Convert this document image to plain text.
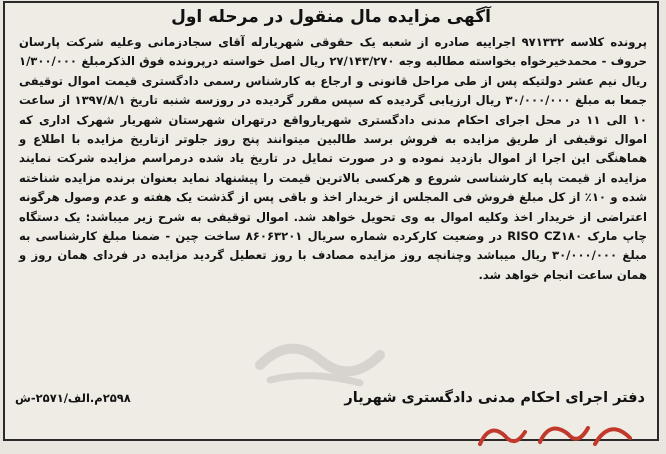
آگهی مزایده مال منقول در مرحله اول
پرونده کلاسه ۹۷۱۳۳۲ اجراییه صادره از شعبه یک حقوقی شهریارله آقای سجادزمانی وعلیه شرکت پارسان حروف - محمدخیرخواه بخواسته مطالبه وجه ۲۷/۱۴۳/۲۷۰ ریال اصل خواسته درپرونده فوق الذکرمبلغ ۱/۳۰۰/۰۰۰ ریال نیم عشر دولتیکه پس از طی مراحل قانونی و ارجاع به کارشناس رسمی دادگستری قیمت اموال توقیفی جمعا به مبلغ ۳۰/۰۰۰/۰۰۰ ریال ارزیابی گردیده که سپس مقرر گردیده در روزسه شنبه تاریخ ۱۳۹۷/۸/۱ از ساعت ۱۰ الی ۱۱ در محل اجرای احکام مدنی دادگستری شهریارواقع درتهران شهرستان شهریار شهرک اداری که اموال توقیفی از طریق مزایده به فروش برسد طالبین میتوانند پنج روز جلوتر ازتاریخ مزایده با اطلاع و هماهنگی این اجرا از اموال بازدید نموده و در صورت تمایل در تاریخ یاد شده درمراسم مزایده شرکت نمایند مزایده از قیمت پایه کارشناسی شروع و هرکسی بالاترین قیمت را پیشنهاد نماید بعنوان برنده مزایده شناخته شده و ۱۰٪ از کل مبلغ فروش فی المجلس از خریدار اخذ و باقی پس از گذشت یک هفته و عدم وصول هرگونه اعتراضی از خریدار اخذ وکلیه اموال به وی تحویل خواهد شد. اموال توقیفی به شرح زیر میباشد: یک دستگاه چاپ مارک RISO CZ۱۸۰ در وضعیت کارکرده شماره سریال ۸۶۰۶۳۲۰۱ ساخت چین - ضمنا مبلغ کارشناسی به مبلغ ۳۰/۰۰۰/۰۰۰ ریال میباشد وچنانچه روز مزایده مصادف با روز تعطیل گردید مزایده در فردای همان روز و همان ساعت انجام خواهد شد.
دفتر اجرای احکام مدنی دادگستری شهریار
۲۵۹۸م.الف/۲۵۷۱-ش
